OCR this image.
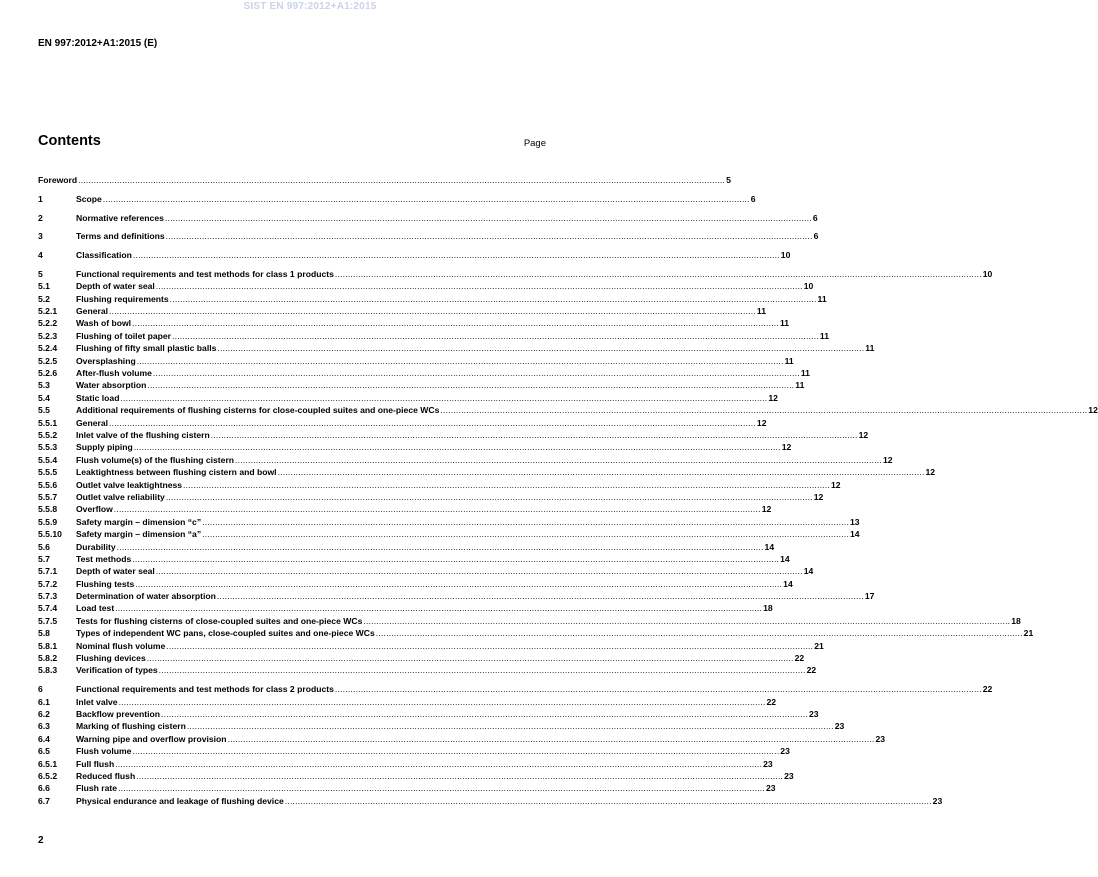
SIST EN 997:2012+A1:2015
EN 997:2012+A1:2015 (E)
Contents	Page
Foreword .....	5
1	Scope .....	6
2	Normative references .....	6
3	Terms and definitions .....	6
4	Classification .....	10
5	Functional requirements and test methods for class 1 products .....	10
5.1	Depth of water seal .....	10
5.2	Flushing requirements .....	11
5.2.1	General .....	11
5.2.2	Wash of bowl .....	11
5.2.3	Flushing of toilet paper .....	11
5.2.4	Flushing of fifty small plastic balls .....	11
5.2.5	Oversplashing .....	11
5.2.6	After-flush volume .....	11
5.3	Water absorption .....	11
5.4	Static load .....	12
5.5	Additional requirements of flushing cisterns for close-coupled suites and one-piece WCs .....	12
5.5.1	General .....	12
5.5.2	Inlet valve of the flushing cistern .....	12
5.5.3	Supply piping .....	12
5.5.4	Flush volume(s) of the flushing cistern .....	12
5.5.5	Leaktightness between flushing cistern and bowl .....	12
5.5.6	Outlet valve leaktightness .....	12
5.5.7	Outlet valve reliability .....	12
5.5.8	Overflow .....	12
5.5.9	Safety margin – dimension “c” .....	13
5.5.10	Safety margin – dimension “a” .....	14
5.6	Durability .....	14
5.7	Test methods .....	14
5.7.1	Depth of water seal .....	14
5.7.2	Flushing tests .....	14
5.7.3	Determination of water absorption .....	17
5.7.4	Load test .....	18
5.7.5	Tests for flushing cisterns of close-coupled suites and one-piece WCs .....	18
5.8	Types of independent WC pans, close-coupled suites and one-piece WCs .....	21
5.8.1	Nominal flush volume .....	21
5.8.2	Flushing devices .....	22
5.8.3	Verification of types .....	22
6	Functional requirements and test methods for class 2 products .....	22
6.1	Inlet valve .....	22
6.2	Backflow prevention .....	23
6.3	Marking of flushing cistern .....	23
6.4	Warning pipe and overflow provision .....	23
6.5	Flush volume .....	23
6.5.1	Full flush .....	23
6.5.2	Reduced flush .....	23
6.6	Flush rate .....	23
6.7	Physical endurance and leakage of flushing device .....	23
2
